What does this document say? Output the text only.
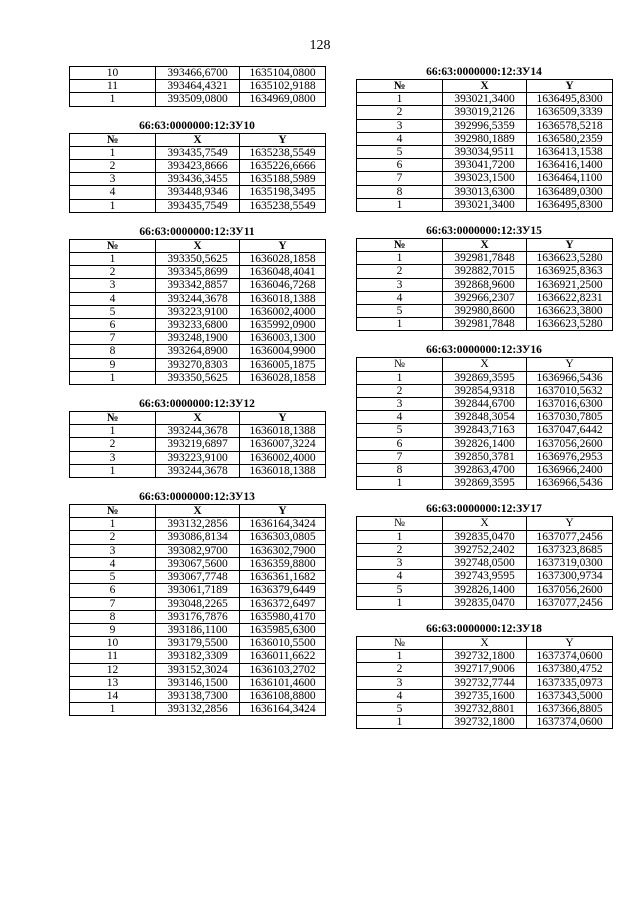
128
10	393466,6700	1635104,0800
11	393464,4321	1635102,9188
1	393509,0800	1634969,0800
66:63:0000000:12:ЗУ10
№	X	Y
1	393435,7549	1635238,5549
2	393423,8666	1635226,6666
3	393436,3455	1635188,5989
4	393448,9346	1635198,3495
1	393435,7549	1635238,5549
66:63:0000000:12:ЗУ11
№	X	Y
1	393350,5625	1636028,1858
2	393345,8699	1636048,4041
3	393342,8857	1636046,7268
4	393244,3678	1636018,1388
5	393223,9100	1636002,4000
6	393233,6800	1635992,0900
7	393248,1900	1636003,1300
8	393264,8900	1636004,9900
9	393270,8303	1636005,1875
1	393350,5625	1636028,1858
66:63:0000000:12:ЗУ12
№	X	Y
1	393244,3678	1636018,1388
2	393219,6897	1636007,3224
3	393223,9100	1636002,4000
1	393244,3678	1636018,1388
66:63:0000000:12:ЗУ13
№	X	Y
1	393132,2856	1636164,3424
2	393086,8134	1636303,0805
3	393082,9700	1636302,7900
4	393067,5600	1636359,8800
5	393067,7748	1636361,1682
6	393061,7189	1636379,6449
7	393048,2265	1636372,6497
8	393176,7876	1635980,4170
9	393186,1100	1635985,6300
10	393179,5500	1636010,5500
11	393182,3309	1636011,6622
12	393152,3024	1636103,2702
13	393146,1500	1636101,4600
14	393138,7300	1636108,8800
1	393132,2856	1636164,3424
66:63:0000000:12:ЗУ14
№	X	Y
1	393021,3400	1636495,8300
2	393019,2126	1636509,3339
3	392996,5359	1636578,5218
4	392980,1889	1636580,2359
5	393034,9511	1636413,1538
6	393041,7200	1636416,1400
7	393023,1500	1636464,1100
8	393013,6300	1636489,0300
1	393021,3400	1636495,8300
66:63:0000000:12:ЗУ15
№	X	Y
1	392981,7848	1636623,5280
2	392882,7015	1636925,8363
3	392868,9600	1636921,2500
4	392966,2307	1636622,8231
5	392980,8600	1636623,3800
1	392981,7848	1636623,5280
66:63:0000000:12:ЗУ16
№	X	Y
1	392869,3595	1636966,5436
2	392854,9318	1637010,5632
3	392844,6700	1637016,6300
4	392848,3054	1637030,7805
5	392843,7163	1637047,6442
6	392826,1400	1637056,2600
7	392850,3781	1636976,2953
8	392863,4700	1636966,2400
1	392869,3595	1636966,5436
66:63:0000000:12:ЗУ17
№	X	Y
1	392835,0470	1637077,2456
2	392752,2402	1637323,8685
3	392748,0500	1637319,0300
4	392743,9595	1637300,9734
5	392826,1400	1637056,2600
1	392835,0470	1637077,2456
66:63:0000000:12:ЗУ18
№	X	Y
1	392732,1800	1637374,0600
2	392717,9006	1637380,4752
3	392732,7744	1637335,0973
4	392735,1600	1637343,5000
5	392732,8801	1637366,8805
1	392732,1800	1637374,0600
